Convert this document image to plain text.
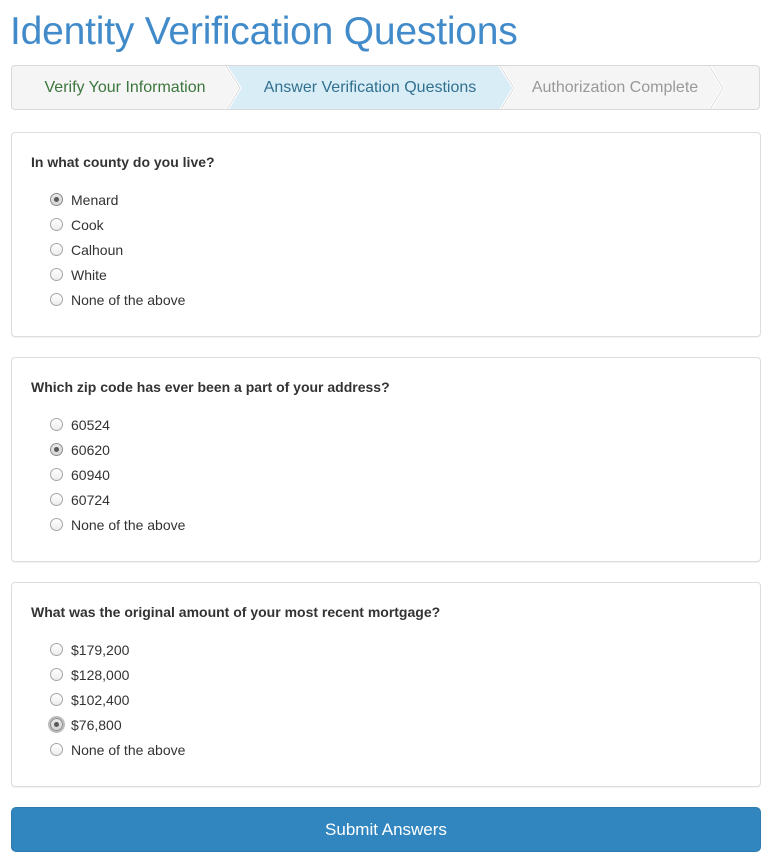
Identity Verification Questions
Verify Your Information	Answer Verification Questions	Authorization Complete

In what county do you live?

Menard
Cook
Calhoun
White
None of the above

Which zip code has ever been a part of your address?

60524
60620
60940
60724
None of the above

What was the original amount of your most recent mortgage?

$179,200
$128,000
$102,400
$76,800
None of the above
Submit Answers
